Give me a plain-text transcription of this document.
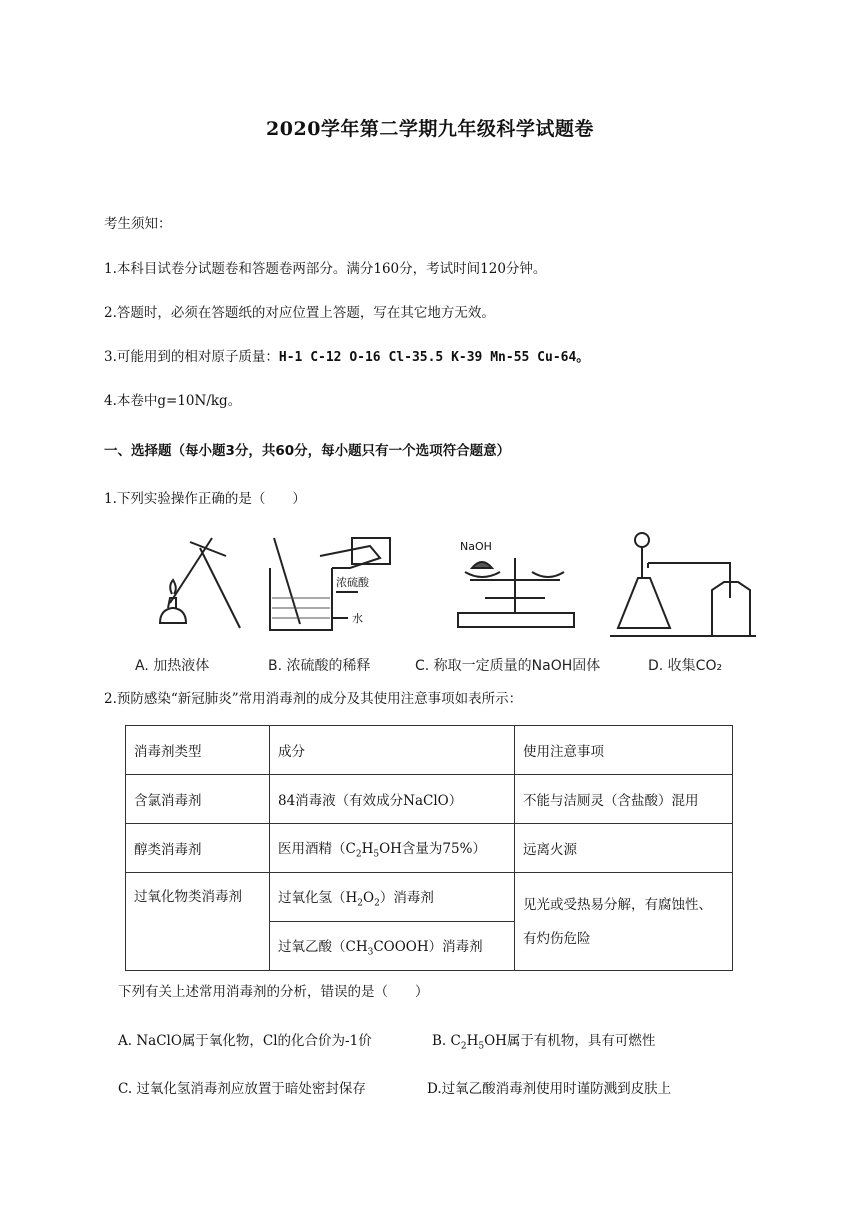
2020学年第二学期九年级科学试题卷
考生须知：
1.本科目试卷分试题卷和答题卷两部分。满分160分，考试时间120分钟。
2.答题时，必须在答题纸的对应位置上答题，写在其它地方无效。
3.可能用到的相对原子质量：H-1 C-12 O-16 Cl-35.5 K-39 Mn-55 Cu-64。
4.本卷中g=10N/kg。
一、选择题（每小题3分，共60分，每小题只有一个选项符合题意）
1.下列实验操作正确的是（　　）
NaOH
浓硫酸
水
A. 加热液体	B. 浓硫酸的稀释	C. 称取一定质量的NaOH固体	D. 收集CO₂
2.预防感染“新冠肺炎”常用消毒剂的成分及其使用注意事项如表所示：
消毒剂类型	成分	使用注意事项
含氯消毒剂	84消毒液（有效成分NaClO）	不能与洁厕灵（含盐酸）混用
醇类消毒剂	医用酒精（$C_2H_5OH$含量为75%）	远离火源
过氧化物类消毒剂	过氧化氢$(H_2O_2)$消毒剂	见光或受热易分解，有腐蚀性、有灼伤危险
	过氧乙酸$(CH_3COOOH)$消毒剂	
下列有关上述常用消毒剂的分析，错误的是（　　）
A. NaClO属于氧化物，Cl的化合价为-1价	B. $C_2H_5OH$属于有机物，具有可燃性
C. 过氧化氢消毒剂应放置于暗处密封保存	D.过氧乙酸消毒剂使用时谨防溅到皮肤上
